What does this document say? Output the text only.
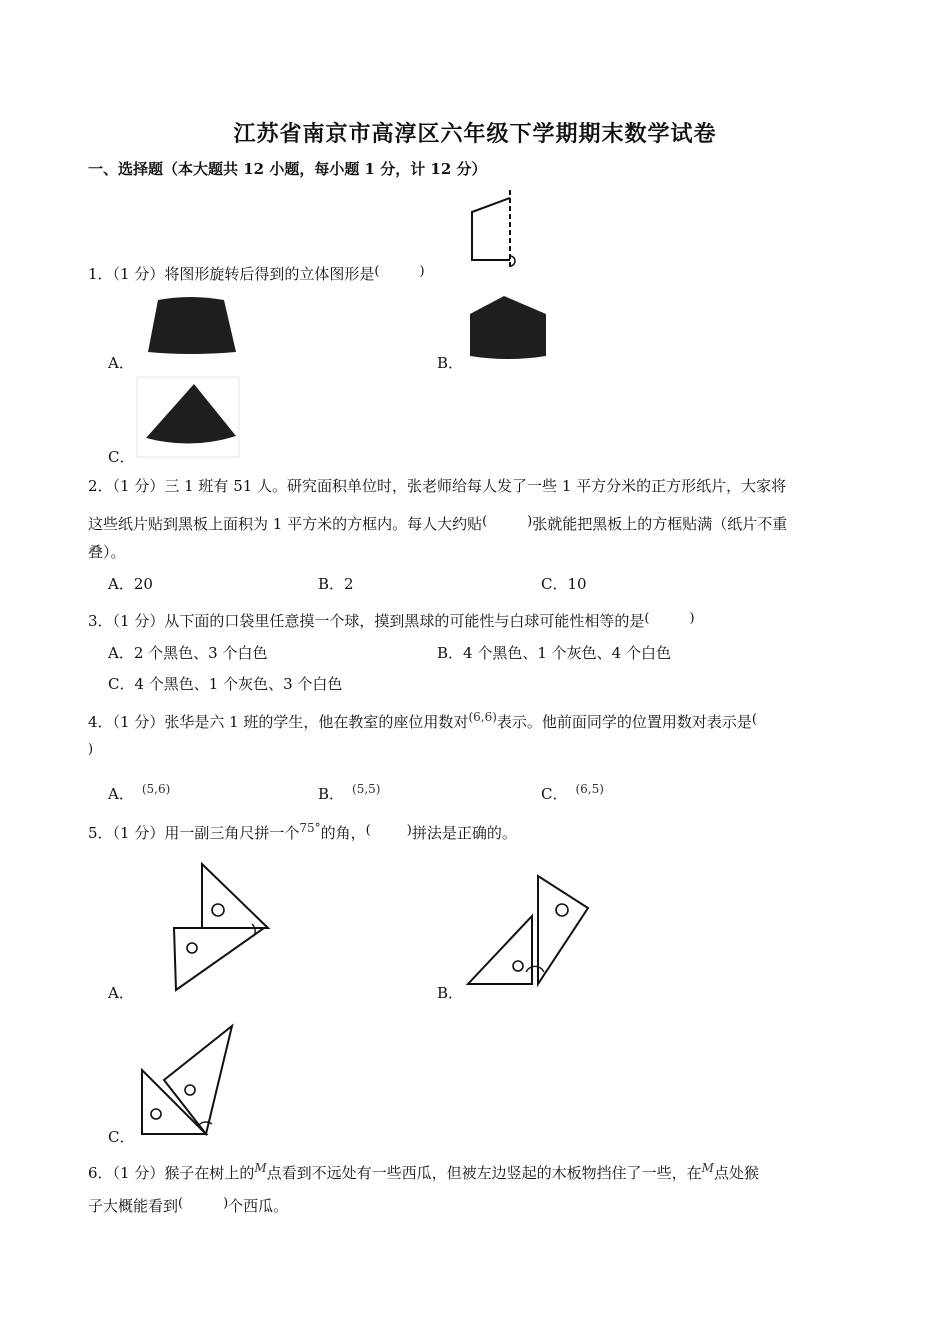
江苏省南京市高淳区六年级下学期期末数学试卷
一、选择题（本大题共 12 小题，每小题 1 分，计 12 分）
1．（1 分）将图形旋转后得到的立体图形是(	)
A．	B．
C．
2．（1 分）三 1 班有 51 人。研究面积单位时，张老师给每人发了一些 1 平方分米的正方形纸片，大家将
这些纸片贴到黑板上面积为 1 平方米的方框内。每人大约贴(	)张就能把黑板上的方框贴满（纸片不重
叠）。
A．20	B．2	C．10
3．（1 分）从下面的口袋里任意摸一个球，摸到黑球的可能性与白球可能性相等的是(	)
A．2 个黑色、3 个白色	B．4 个黑色、1 个灰色、4 个白色
C．4 个黑色、1 个灰色、3 个白色
4．（1 分）张华是六 1 班的学生，他在教室的座位用数对(6,6)表示。他前面同学的位置用数对表示是(
)
A． (5,6)	B． (5,5)	C． (6,5)
5．（1 分）用一副三角尺拼一个75°的角，(	)拼法是正确的。
A．	B．
C．
6．（1 分）猴子在树上的M点看到不远处有一些西瓜，但被左边竖起的木板物挡住了一些，在M点处猴
子大概能看到(	)个西瓜。
